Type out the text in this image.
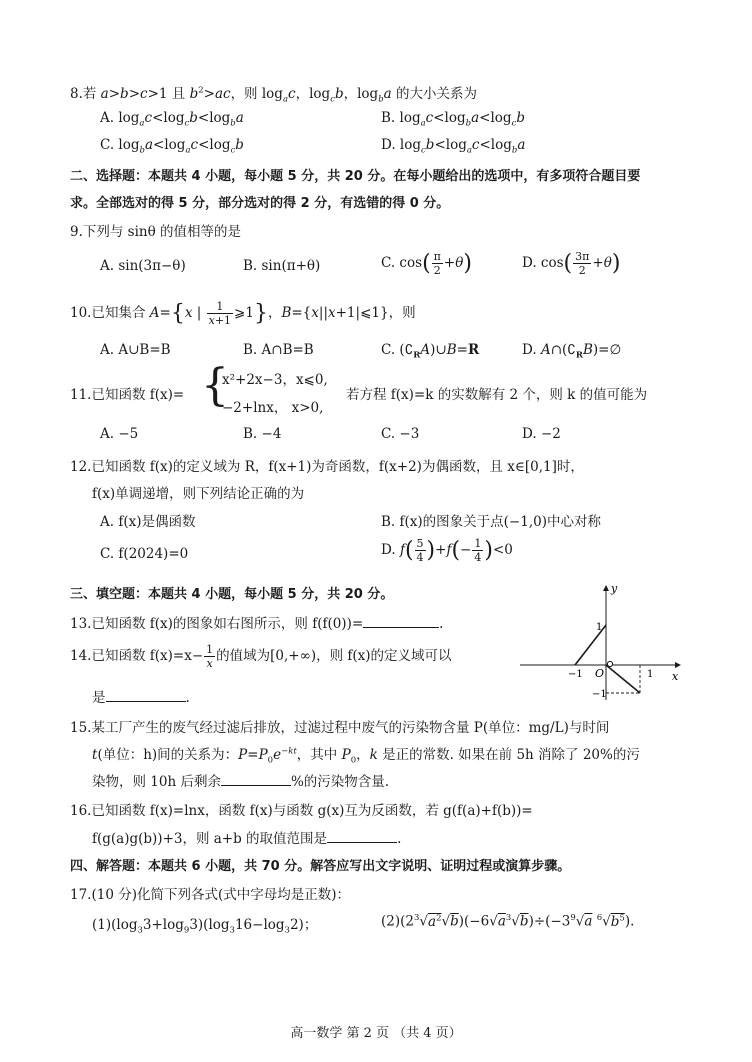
8.若 a>b>c>1 且 $b^2>ac$，则 $\log_ac$，$\log_cb$，$\log_ba$ 的大小关系为
A. $\log_ac<\log_cb<\log_ba$	B. $\log_ac<\log_ba<\log_cb$
C. $\log_ba<\log_ac<\log_cb$	D. $\log_cb<\log_ac<\log_ba$
二、选择题：本题共 4 小题，每小题 5 分，共 20 分。在每小题给出的选项中，有多项符合题目要
求。全部选对的得 5 分，部分选对的得 2 分，有选错的得 0 分。
9.下列与 sinθ 的值相等的是
A. sin(3π−θ)	B. sin(π+θ)	C. $\cos( \frac{\pi}{2} +\theta)$	D. $\cos( \frac{3\pi}{2} +\theta)$
10.已知集合 A={x | $\frac{1}{x+1}$ ⩾1}，B={x||x+1|⩽1}，则
A. A∪B=B	B. A∩B=B	C. $(∁_RA)\cup B=R$	D. $A\cap(∁_RB)=\emptyset$
11.已知函数 f(x)= {
x²+2x−3，x⩽0,
−2+lnx， x>0,
若方程 f(x)=k 的实数解有 2 个，则 k 的值可能为
A. −5	B. −4	C. −3	D. −2
12.已知函数 f(x)的定义域为 R，f(x+1)为奇函数，f(x+2)为偶函数，且 x∈[0,1]时，
f(x)单调递增，则下列结论正确的为
A. f(x)是偶函数	B. f(x)的图象关于点(−1,0)中心对称
C. f(2024)=0	D. $f( \frac{5}{4} )+f(- \frac{1}{4} )<0$
三、填空题：本题共 4 小题，每小题 5 分，共 20 分。
13.已知函数 f(x)的图象如右图所示，则 f(f(0))=	.
14.已知函数 $f(x)=x- \frac{1}{x}$ 的值域为[0,+∞)，则 f(x)的定义域可以
是	.
y
x
O
−1	1
1
−1
15.某工厂产生的废气经过滤后排放，过滤过程中废气的污染物含量 P(单位：mg/L)与时间
t(单位：h)间的关系为：$P=P_0e^{-kt}$，其中 $P_0$，k 是正的常数. 如果在前 5h 消除了 20%的污
染物，则 10h 后剩余	%的污染物含量.
16.已知函数 f(x)=lnx，函数 f(x)与函数 g(x)互为反函数，若 g(f(a)+f(b))=
f(g(a)g(b))+3，则 a+b 的取值范围是	.
四、解答题：本题共 6 小题，共 70 分。解答应写出文字说明、证明过程或演算步骤。
17.(10 分)化简下列各式(式中字母均是正数)：
$(1)(\log_33+\log_93)(\log_316-\log_32)$；	$(2)(2^3√a^2√b)(-6√a^3√b)\div(-3^9√a$ $^6√b^5$).
高一数学 第 2 页 （共 4 页）
